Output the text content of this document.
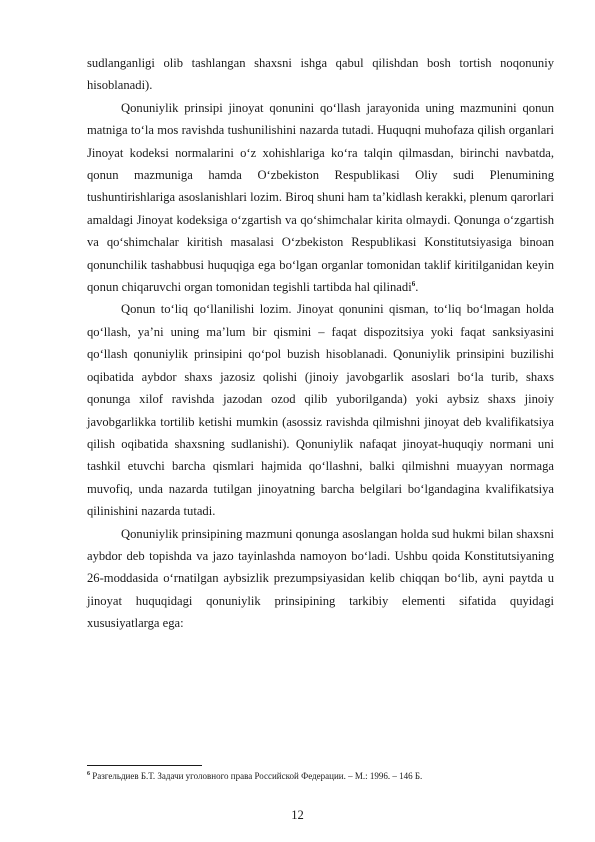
sudlanganligi olib tashlangan shaxsni ishga qabul qilishdan bosh tortish noqonuniy hisoblanadi).

Qonuniylik prinsipi jinoyat qonunini qo‘llash jarayonida uning mazmunini qonun matniga to‘la mos ravishda tushunilishini nazarda tutadi. Huquqni muhofaza qilish organlari Jinoyat kodeksi normalarini o‘z xohishlariga ko‘ra talqin qilmasdan, birinchi navbatda, qonun mazmuniga hamda O‘zbekiston Respublikasi Oliy sudi Plenumining tushuntirishlariga asoslanishlari lozim. Biroq shuni ham ta’kidlash kerakki, plenum qarorlari amaldagi Jinoyat kodeksiga o‘zgartish va qo‘shimchalar kirita olmaydi. Qonunga o‘zgartish va qo‘shimchalar kiritish masalasi O‘zbekiston Respublikasi Konstitutsiyasiga binoan qonunchilik tashabbusi huquqiga ega bo‘lgan organlar tomonidan taklif kiritilganidan keyin qonun chiqaruvchi organ tomonidan tegishli tartibda hal qilinadi$^6$.

Qonun to‘liq qo‘llanilishi lozim. Jinoyat qonunini qisman, to‘liq bo‘lmagan holda qo‘llash, ya’ni uning ma’lum bir qismini – faqat dispozitsiya yoki faqat sanksiyasini qo‘llash qonuniylik prinsipini qo‘pol buzish hisoblanadi. Qonuniylik prinsipini buzilishi oqibatida aybdor shaxs jazosiz qolishi (jinoiy javobgarlik asoslari bo‘la turib, shaxs qonunga xilof ravishda jazodan ozod qilib yuborilganda) yoki aybsiz shaxs jinoiy javobgarlikka tortilib ketishi mumkin (asossiz ravishda qilmishni jinoyat deb kvalifikatsiya qilish oqibatida shaxsning sudlanishi). Qonuniylik nafaqat jinoyat-huquqiy normani uni tashkil etuvchi barcha qismlari hajmida qo‘llashni, balki qilmishni muayyan normaga muvofiq, unda nazarda tutilgan jinoyatning barcha belgilari bo‘lgandagina kvalifikatsiya qilinishini nazarda tutadi.

Qonuniylik prinsipining mazmuni qonunga asoslangan holda sud hukmi bilan shaxsni aybdor deb topishda va jazo tayinlashda namoyon bo‘ladi. Ushbu qoida Konstitutsiyaning 26-moddasida o‘rnatilgan aybsizlik prezumpsiyasidan kelib chiqqan bo‘lib, ayni paytda u jinoyat huquqidagi qonuniylik prinsipining tarkibiy elementi sifatida quyidagi xususiyatlarga ega:

$^6$ Разгельдиев Б.Т. Задачи уголовного права Российской Федерации. – М.: 1996. – 146 Б.

12
